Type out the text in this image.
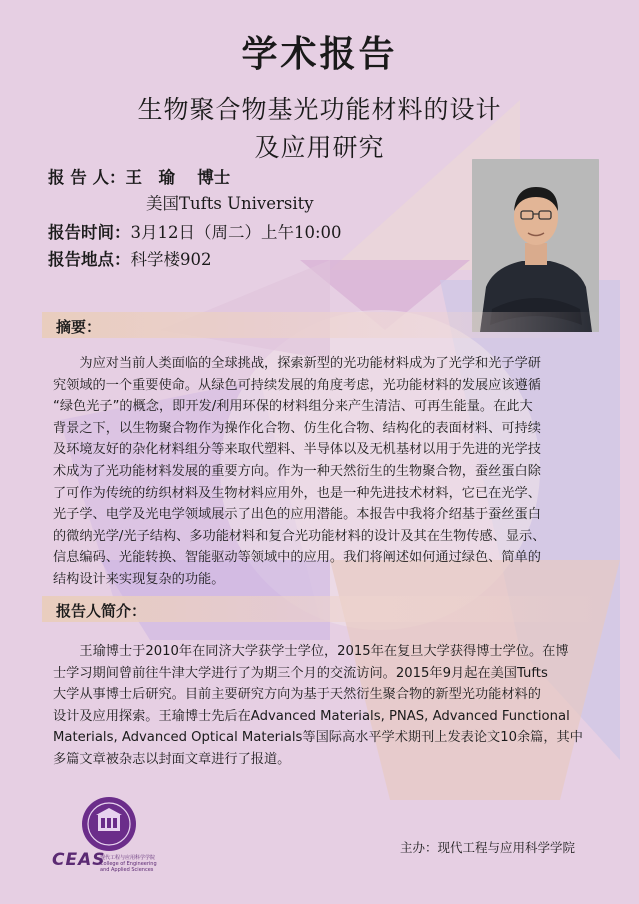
学术报告
生物聚合物基光功能材料的设计
及应用研究
报 告 人： 王　瑜　 博士
美国Tufts University
报告时间： 3月12日（周二）上午10:00
报告地点： 科学楼902
摘要：
为应对当前人类面临的全球挑战，探索新型的光功能材料成为了光学和光子学研
究领域的一个重要使命。从绿色可持续发展的角度考虑，光功能材料的发展应该遵循
“绿色光子”的概念，即开发/利用环保的材料组分来产生清洁、可再生能量。在此大
背景之下，以生物聚合物作为操作化合物、仿生化合物、结构化的表面材料、可持续
及环境友好的杂化材料组分等来取代塑料、半导体以及无机基材以用于先进的光学技
术成为了光功能材料发展的重要方向。作为一种天然衍生的生物聚合物，蚕丝蛋白除
了可作为传统的纺织材料及生物材料应用外，也是一种先进技术材料，它已在光学、
光子学、电学及光电学领域展示了出色的应用潜能。本报告中我将介绍基于蚕丝蛋白
的微纳光学/光子结构、多功能材料和复合光功能材料的设计及其在生物传感、显示、
信息编码、光能转换、智能驱动等领域中的应用。我们将阐述如何通过绿色、简单的
结构设计来实现复杂的功能。
报告人简介：
王瑜博士于2010年在同济大学获学士学位，2015年在复旦大学获得博士学位。在博
士学习期间曾前往牛津大学进行了为期三个月的交流访问。2015年9月起在美国Tufts
大学从事博士后研究。目前主要研究方向为基于天然衍生聚合物的新型光功能材料的
设计及应用探索。王瑜博士先后在Advanced Materials, PNAS, Advanced Functional
Materials, Advanced Optical Materials等国际高水平学术期刊上发表论文10余篇，其中
多篇文章被杂志以封面文章进行了报道。
CEAS
现代工程与应用科学学院
College of Engineering
and Applied Sciences
主办：现代工程与应用科学学院
